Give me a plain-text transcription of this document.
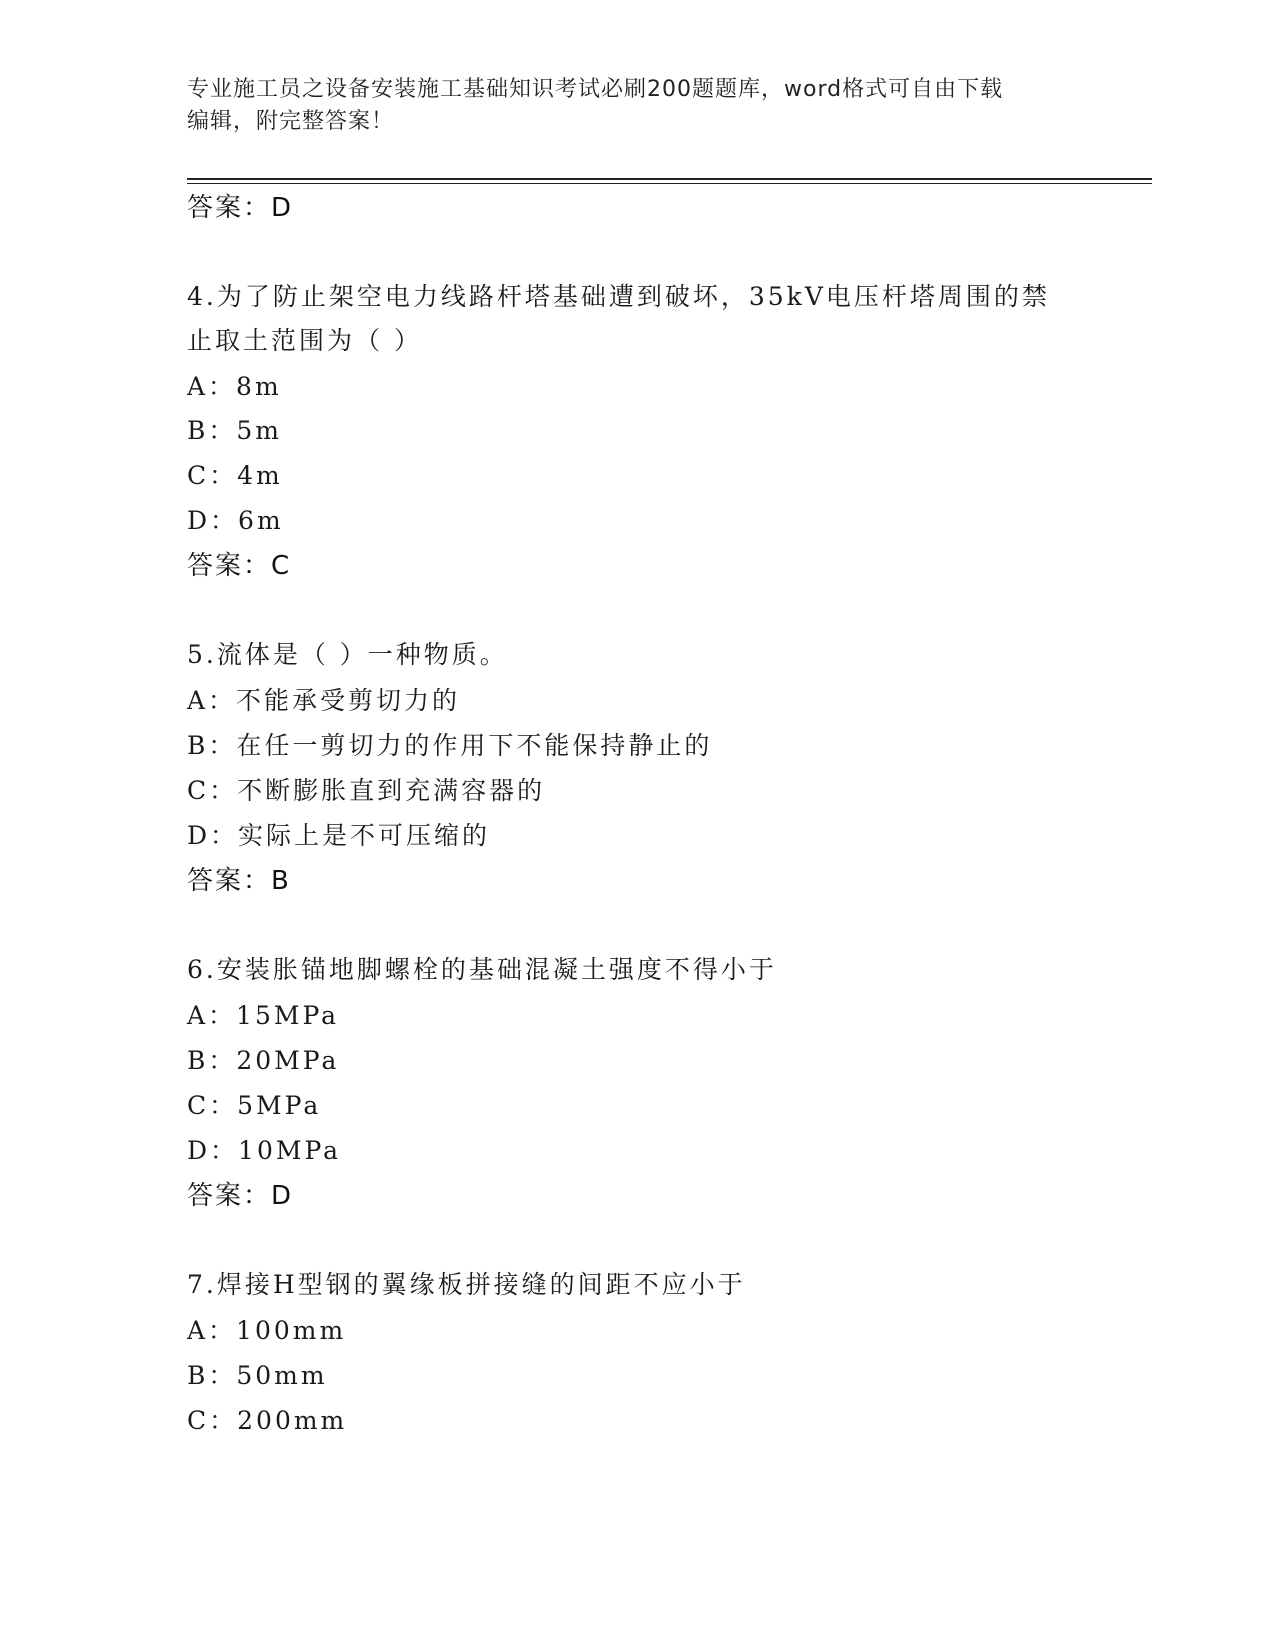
专业施工员之设备安装施工基础知识考试必刷200题题库，word格式可自由下载
编辑，附完整答案！
答案：D
4.为了防止架空电力线路杆塔基础遭到破坏，35kV电压杆塔周围的禁
止取土范围为（ ）
A：8m
B：5m
C：4m
D：6m
答案：C
5.流体是（ ）一种物质。
A：不能承受剪切力的
B：在任一剪切力的作用下不能保持静止的
C：不断膨胀直到充满容器的
D：实际上是不可压缩的
答案：B
6.安装胀锚地脚螺栓的基础混凝土强度不得小于
A：15MPa
B：20MPa
C：5MPa
D：10MPa
答案：D
7.焊接H型钢的翼缘板拼接缝的间距不应小于
A：100mm
B：50mm
C：200mm
